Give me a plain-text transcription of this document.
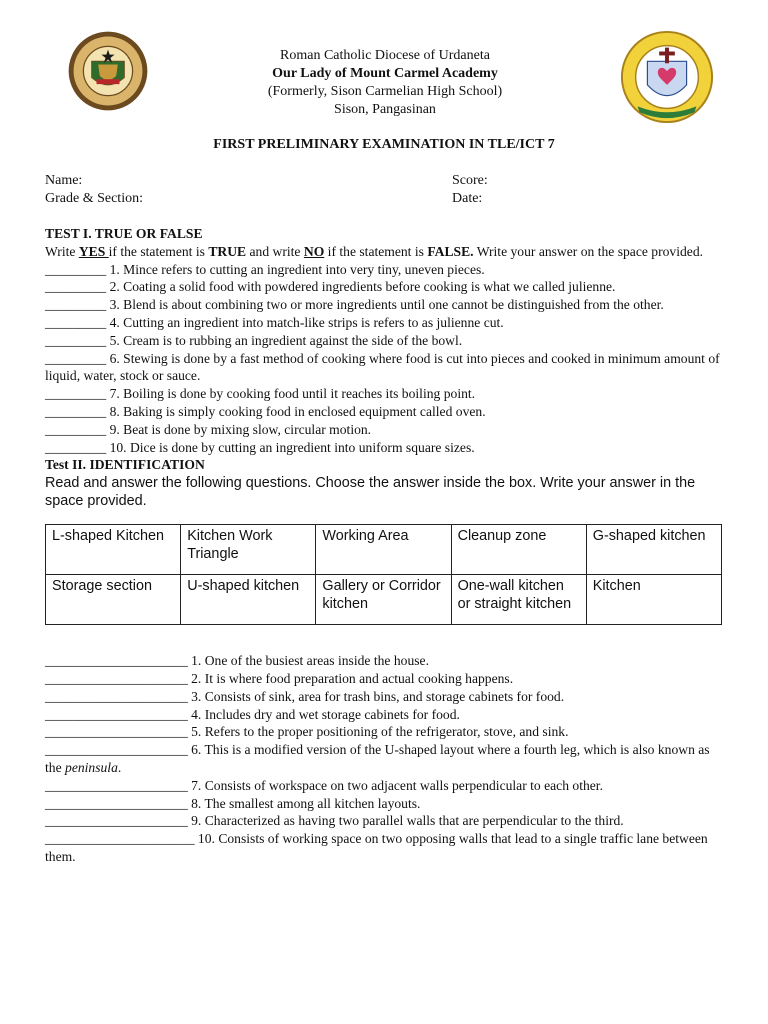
Roman Catholic Diocese of Urdaneta
Our Lady of Mount Carmel Academy
(Formerly, Sison Carmelian High School)
Sison, Pangasinan
FIRST PRELIMINARY EXAMINATION IN TLE/ICT 7
Name:
Grade & Section:
Score:
Date:
TEST I. TRUE OR FALSE
Write YES if the statement is TRUE and write NO if the statement is FALSE. Write your answer on the space provided.
_________ 1. Mince refers to cutting an ingredient into very tiny, uneven pieces.
_________ 2. Coating a solid food with powdered ingredients before cooking is what we called julienne.
_________ 3. Blend is about combining two or more ingredients until one cannot be distinguished from the other.
_________ 4. Cutting an ingredient into match-like strips is refers to as julienne cut.
_________ 5. Cream is to rubbing an ingredient against the side of the bowl.
_________ 6. Stewing is done by a fast method of cooking where food is cut into pieces and cooked in minimum amount of liquid, water, stock or sauce.
_________ 7. Boiling is done by cooking food until it reaches its boiling point.
_________ 8. Baking is simply cooking food in enclosed equipment called oven.
_________ 9. Beat is done by mixing slow, circular motion.
_________ 10. Dice is done by cutting an ingredient into uniform square sizes.
Test II. IDENTIFICATION
Read and answer the following questions. Choose the answer inside the box. Write your answer in the space provided.
L-shaped Kitchen	Kitchen Work Triangle	Working Area	Cleanup zone	G-shaped kitchen
Storage section	U-shaped kitchen	Gallery or Corridor kitchen	One-wall kitchen or straight kitchen	Kitchen
_____________________ 1. One of the busiest areas inside the house.
_____________________ 2. It is where food preparation and actual cooking happens.
_____________________ 3. Consists of sink, area for trash bins, and storage cabinets for food.
_____________________ 4. Includes dry and wet storage cabinets for food.
_____________________ 5. Refers to the proper positioning of the refrigerator, stove, and sink.
_____________________ 6. This is a modified version of the U-shaped layout where a fourth leg, which is also known as the peninsula.
_____________________ 7. Consists of workspace on two adjacent walls perpendicular to each other.
_____________________ 8. The smallest among all kitchen layouts.
_____________________ 9. Characterized as having two parallel walls that are perpendicular to the third.
______________________ 10. Consists of working space on two opposing walls that lead to a single traffic lane between them.
